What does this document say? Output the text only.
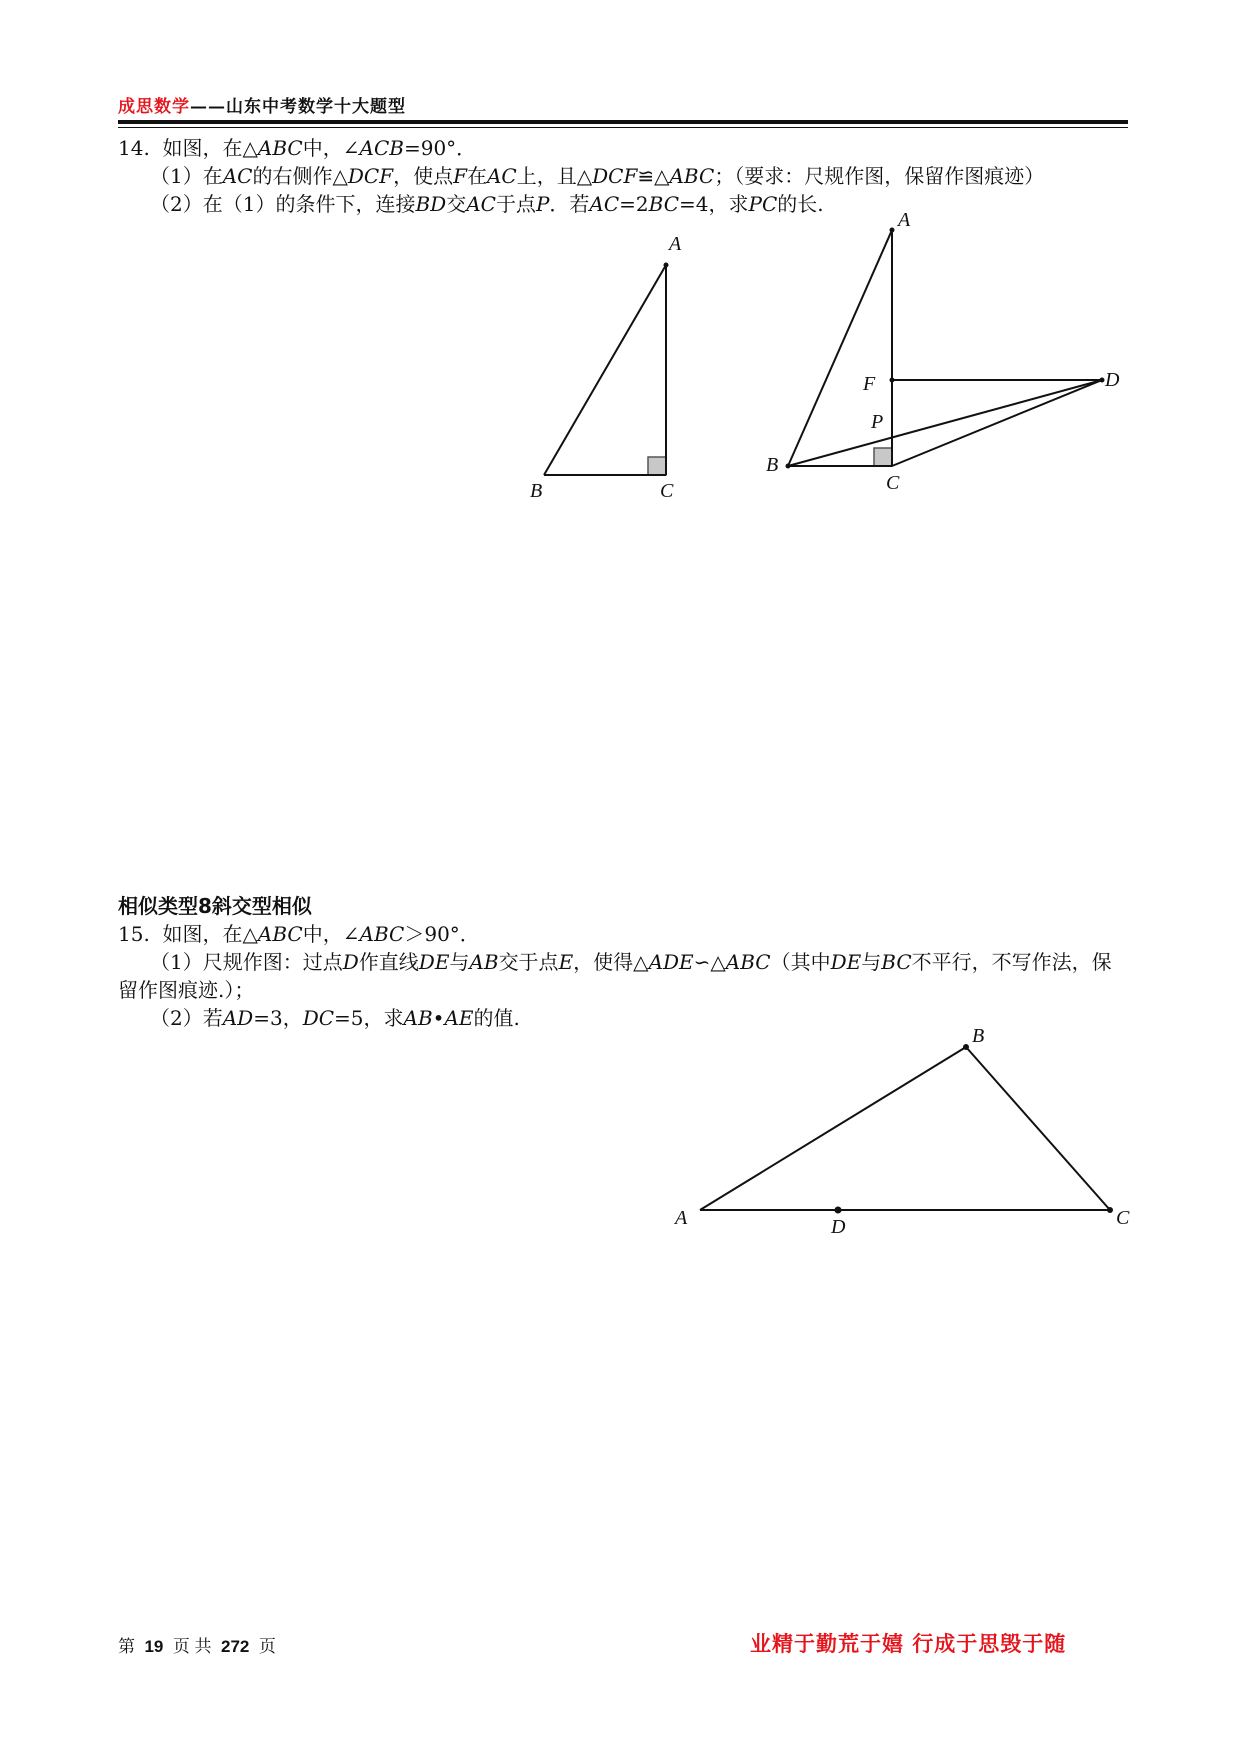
成思数学——山东中考数学十大题型
14. 如图，在△ABC中，∠ACB=90°．
（1）在AC的右侧作△DCF，使点F在AC上，且△DCF≌△ABC；（要求：尺规作图，保留作图痕迹）
（2）在（1）的条件下，连接BD交AC于点P．若AC=2BC=4，求PC的长.
A
B	C
A
F	D
P
B
C
相似类型8斜交型相似
15. 如图，在△ABC中，∠ABC＞90°．
（1）尺规作图：过点D作直线DE与AB交于点E，使得△ADE∽△ABC（其中DE与BC不平行，不写作法，保
留作图痕迹.）；
（2）若AD=3，DC=5，求AB•AE的值.
B
A	D	C
第 19 页 共 272 页	业精于勤荒于嬉 行成于思毁于随
